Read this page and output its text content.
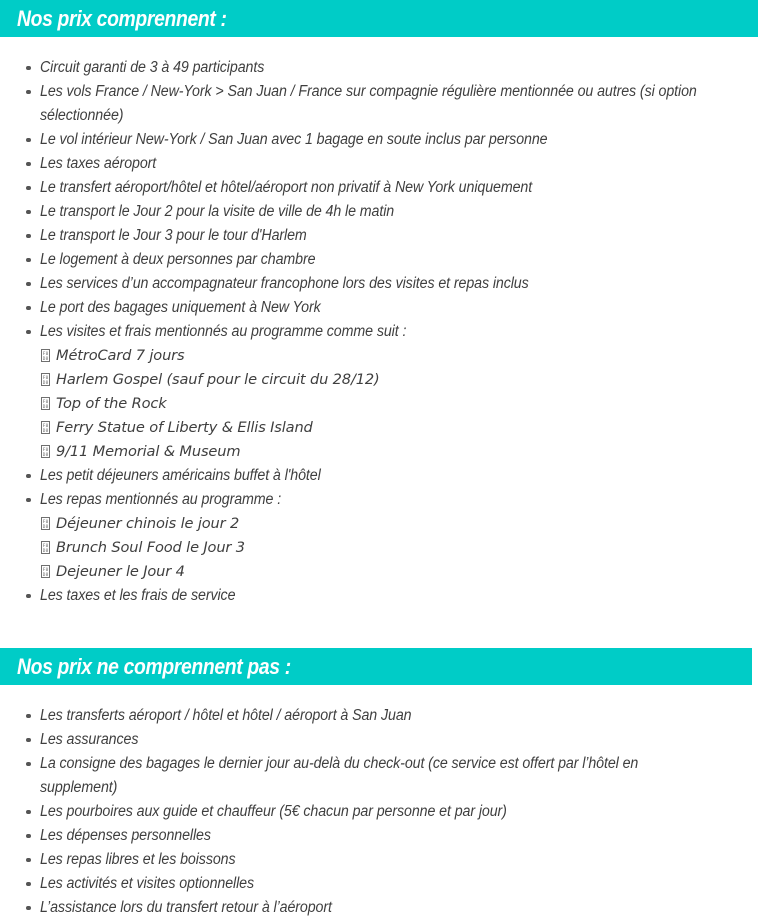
Nos prix comprennent :
Circuit garanti de 3 à 49 participants
Les vols France / New-York > San Juan / France sur compagnie régulière mentionnée ou autres (si option sélectionnée)
Le vol intérieur New-York / San Juan avec 1 bagage en soute inclus par personne
Les taxes aéroport
Le transfert aéroport/hôtel et hôtel/aéroport non privatif à New York uniquement
Le transport le Jour 2 pour la visite de ville de 4h le matin
Le transport le Jour 3 pour le tour d'Harlem
Le logement à deux personnes par chambre
Les services d’un accompagnateur francophone lors des visites et repas inclus
Le port des bagages uniquement à New York
Les visites et frais mentionnés au programme comme suit :
F0
D8 MétroCard 7 jours
F0
D8 Harlem Gospel (sauf pour le circuit du 28/12)
F0
D8 Top of the Rock
F0
D8 Ferry Statue of Liberty & Ellis Island
F0
D8 9/11 Memorial & Museum
Les petit déjeuners américains buffet à l'hôtel
Les repas mentionnés au programme :
F0
D8 Déjeuner chinois le jour 2
F0
D8 Brunch Soul Food le Jour 3
F0
D8 Dejeuner le Jour 4
Les taxes et les frais de service
Nos prix ne comprennent pas :
Les transferts aéroport / hôtel et hôtel / aéroport à San Juan
Les assurances
La consigne des bagages le dernier jour au-delà du check-out (ce service est offert par l’hôtel en supplement)
Les pourboires aux guide et chauffeur (5€ chacun par personne et par jour)
Les dépenses personnelles
Les repas libres et les boissons
Les activités et visites optionnelles
L’assistance lors du transfert retour à l’aéroport
